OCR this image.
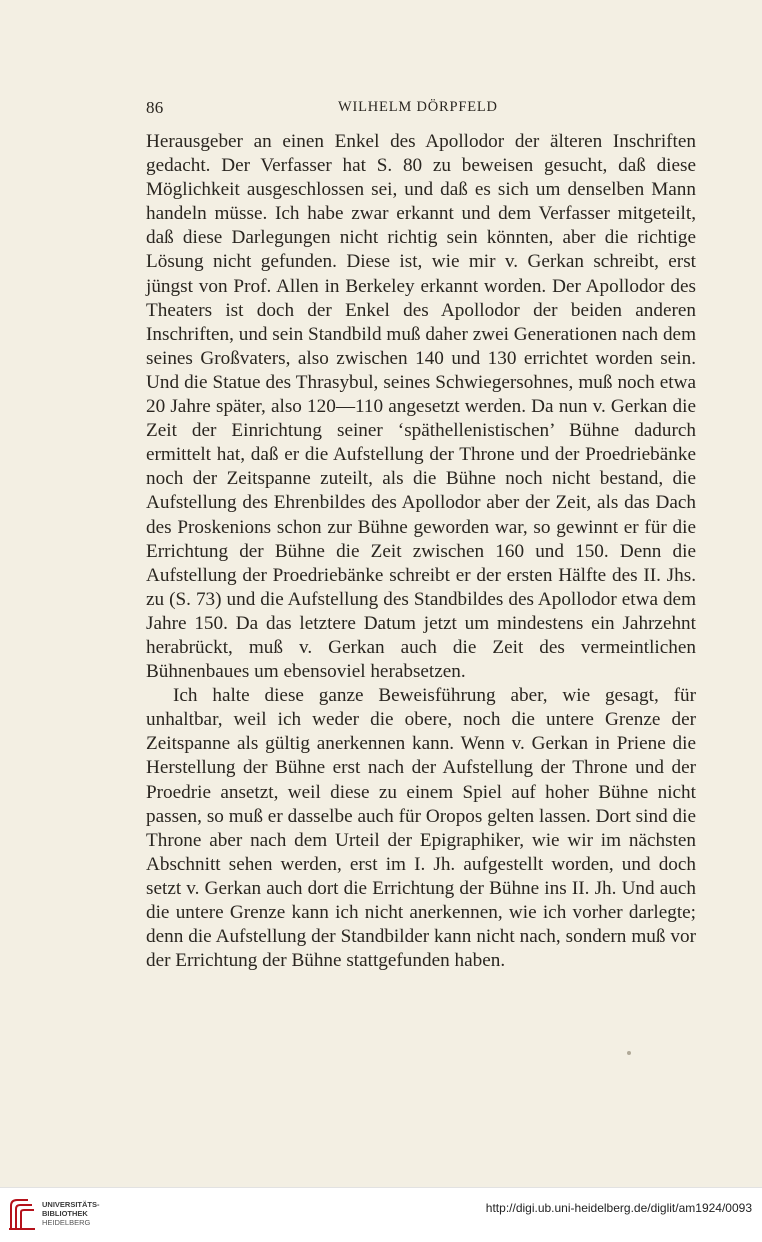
86	WILHELM DÖRPFELD

Herausgeber an einen Enkel des Apollodor der älteren Inschriften gedacht. Der Verfasser hat S. 80 zu beweisen gesucht, daß diese Möglichkeit ausgeschlossen sei, und daß es sich um denselben Mann handeln müsse. Ich habe zwar erkannt und dem Verfasser mitgeteilt, daß diese Darlegungen nicht richtig sein könnten, aber die richtige Lösung nicht gefunden. Diese ist, wie mir v. Gerkan schreibt, erst jüngst von Prof. Allen in Berkeley erkannt worden. Der Apollodor des Theaters ist doch der Enkel des Apollodor der beiden anderen Inschriften, und sein Standbild muß daher zwei Generationen nach dem seines Großvaters, also zwischen 140 und 130 errichtet worden sein. Und die Statue des Thrasybul, seines Schwiegersohnes, muß noch etwa 20 Jahre später, also 120—110 angesetzt werden. Da nun v. Gerkan die Zeit der Einrichtung seiner ‘späthellenistischen’ Bühne dadurch ermittelt hat, daß er die Aufstellung der Throne und der Proedriebänke noch der Zeitspanne zuteilt, als die Bühne noch nicht bestand, die Aufstellung des Ehrenbildes des Apollodor aber der Zeit, als das Dach des Proskenions schon zur Bühne geworden war, so gewinnt er für die Errichtung der Bühne die Zeit zwischen 160 und 150. Denn die Aufstellung der Proedriebänke schreibt er der ersten Hälfte des II. Jhs. zu (S. 73) und die Aufstellung des Standbildes des Apollodor etwa dem Jahre 150. Da das letztere Datum jetzt um mindestens ein Jahrzehnt herabrückt, muß v. Gerkan auch die Zeit des vermeintlichen Bühnenbaues um ebensoviel herabsetzen.

Ich halte diese ganze Beweisführung aber, wie gesagt, für unhaltbar, weil ich weder die obere, noch die untere Grenze der Zeitspanne als gültig anerkennen kann. Wenn v. Gerkan in Priene die Herstellung der Bühne erst nach der Aufstellung der Throne und der Proedrie ansetzt, weil diese zu einem Spiel auf hoher Bühne nicht passen, so muß er dasselbe auch für Oropos gelten lassen. Dort sind die Throne aber nach dem Urteil der Epigraphiker, wie wir im nächsten Abschnitt sehen werden, erst im I. Jh. aufgestellt worden, und doch setzt v. Gerkan auch dort die Errichtung der Bühne ins II. Jh. Und auch die untere Grenze kann ich nicht anerkennen, wie ich vorher darlegte; denn die Aufstellung der Standbilder kann nicht nach, sondern muß vor der Errichtung der Bühne stattgefunden haben.

UNIVERSITÄTS-
BIBLIOTHEK
HEIDELBERG
http://digi.ub.uni-heidelberg.de/diglit/am1924/0093
